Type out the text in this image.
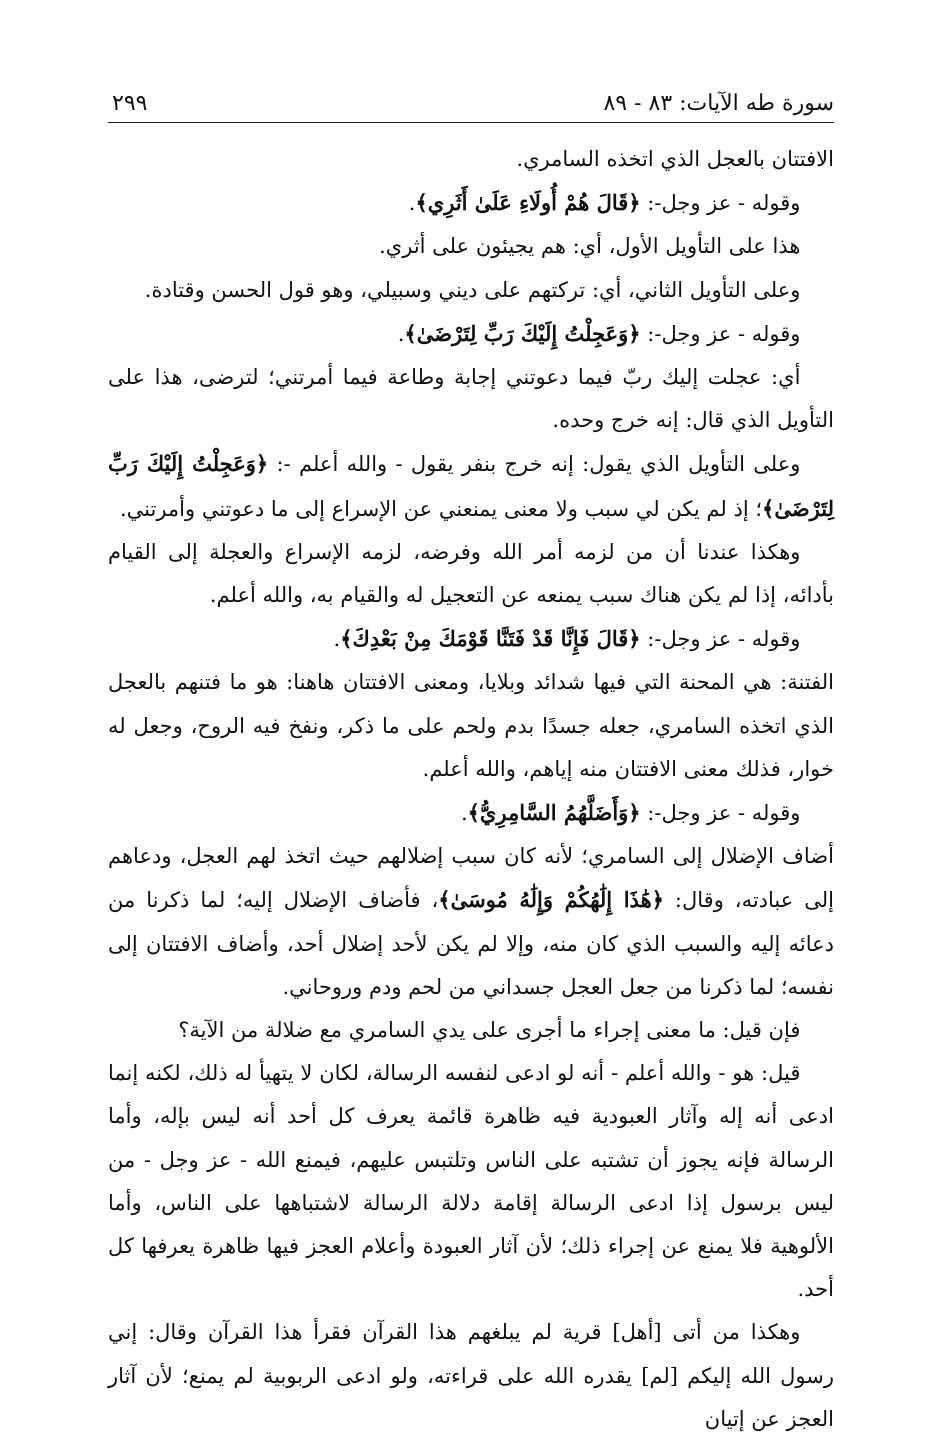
سورة طه الآيات: ٨٣ - ٨٩
٢٩٩

الافتتان بالعجل الذي اتخذه السامري.

وقوله - عز وجل-: ﴿قَالَ هُمْ أُولَاءِ عَلَىٰ أَثَرِي﴾.

هذا على التأويل الأول، أي: هم يجيئون على أثري.

وعلى التأويل الثاني، أي: تركتهم على ديني وسبيلي، وهو قول الحسن وقتادة.

وقوله - عز وجل-: ﴿وَعَجِلْتُ إِلَيْكَ رَبِّ لِتَرْضَىٰ﴾.

أي: عجلت إليك ربّ فيما دعوتني إجابة وطاعة فيما أمرتني؛ لترضى، هذا على التأويل الذي قال: إنه خرج وحده.

وعلى التأويل الذي يقول: إنه خرج بنفر يقول - والله أعلم -: ﴿وَعَجِلْتُ إِلَيْكَ رَبِّ لِتَرْضَىٰ﴾؛ إذ لم يكن لي سبب ولا معنى يمنعني عن الإسراع إلى ما دعوتني وأمرتني.

وهكذا عندنا أن من لزمه أمر الله وفرضه، لزمه الإسراع والعجلة إلى القيام بأدائه، إذا لم يكن هناك سبب يمنعه عن التعجيل له والقيام به، والله أعلم.

وقوله - عز وجل-: ﴿قَالَ فَإِنَّا قَدْ فَتَنَّا قَوْمَكَ مِنْ بَعْدِكَ﴾.

الفتنة: هي المحنة التي فيها شدائد وبلايا، ومعنى الافتتان هاهنا: هو ما فتنهم بالعجل الذي اتخذه السامري، جعله جسدًا بدم ولحم على ما ذكر، ونفخ فيه الروح، وجعل له خوار، فذلك معنى الافتتان منه إياهم، والله أعلم.

وقوله - عز وجل-: ﴿وَأَضَلَّهُمُ السَّامِرِيُّ﴾.

أضاف الإضلال إلى السامري؛ لأنه كان سبب إضلالهم حيث اتخذ لهم العجل، ودعاهم إلى عبادته، وقال: ﴿هَٰذَا إِلَٰهُكُمْ وَإِلَٰهُ مُوسَىٰ﴾، فأضاف الإضلال إليه؛ لما ذكرنا من دعائه إليه والسبب الذي كان منه، وإلا لم يكن لأحد إضلال أحد، وأضاف الافتتان إلى نفسه؛ لما ذكرنا من جعل العجل جسداني من لحم ودم وروحاني.

فإن قيل: ما معنى إجراء ما أجرى على يدي السامري مع ضلالة من الآية؟

قيل: هو - والله أعلم - أنه لو ادعى لنفسه الرسالة، لكان لا يتهيأ له ذلك، لكنه إنما ادعى أنه إله وآثار العبودية فيه ظاهرة قائمة يعرف كل أحد أنه ليس بإله، وأما الرسالة فإنه يجوز أن تشتبه على الناس وتلتبس عليهم، فيمنع الله - عز وجل - من ليس برسول إذا ادعى الرسالة إقامة دلالة الرسالة لاشتباهها على الناس، وأما الألوهية فلا يمنع عن إجراء ذلك؛ لأن آثار العبودة وأعلام العجز فيها ظاهرة يعرفها كل أحد.

وهكذا من أتى [أهل] قرية لم يبلغهم هذا القرآن فقرأ هذا القرآن وقال: إني رسول الله إليكم [لم] يقدره الله على قراءته، ولو ادعى الربوبية لم يمنع؛ لأن آثار العجز عن إتيان
